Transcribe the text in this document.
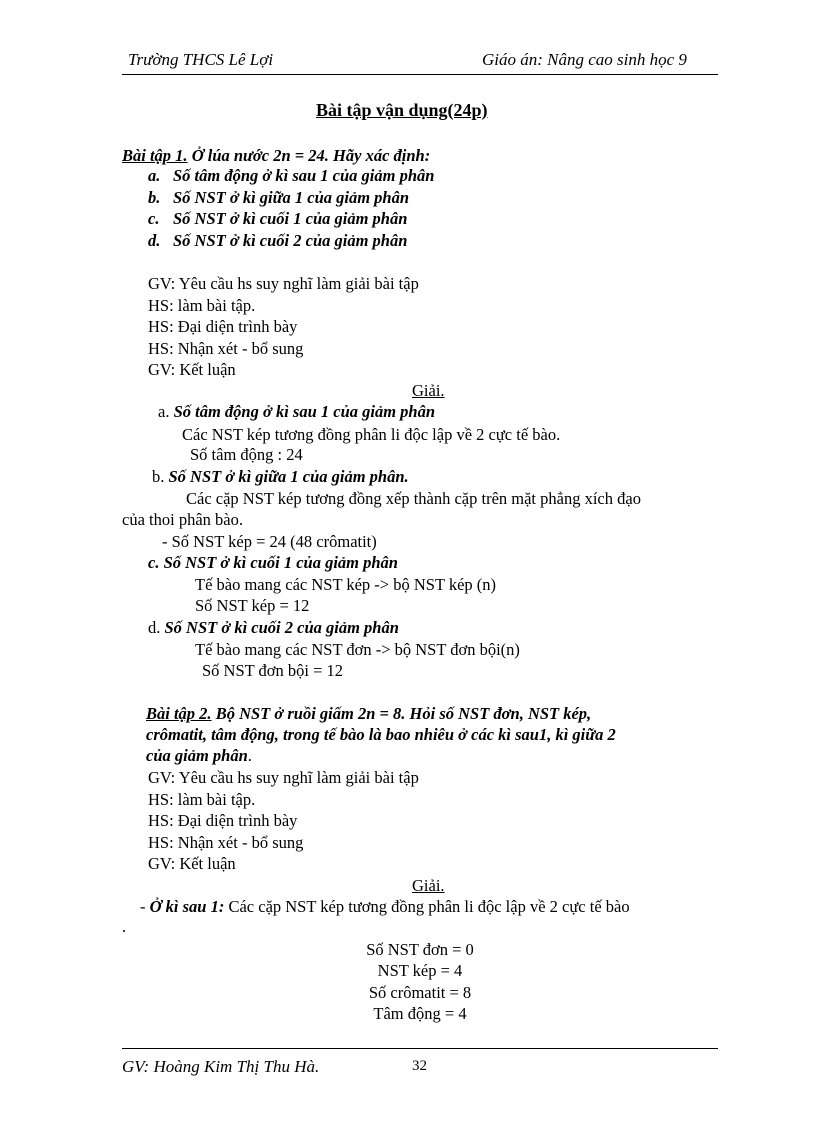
Trường THCS Lê Lợi	Giáo án: Nâng cao sinh học 9
Bài tập vận dụng(24p)
Bài tập 1. Ở lúa nước 2n = 24. Hãy xác định:
a. Số tâm động ở kì sau 1 của giảm phân
b. Số NST ở kì giữa 1 của giảm phân
c. Số NST ở kì cuối 1 của giảm phân
d. Số NST ở kì cuối 2 của giảm phân
GV: Yêu cầu hs suy nghĩ làm giải bài tập
HS: làm bài tập.
HS: Đại diện trình bày
HS: Nhận xét - bổ sung
GV: Kết luận
Giải.
a. Số tâm động ở kì sau 1 của giảm phân
Các NST kép tương đồng phân li độc lập về 2 cực tế bào.
Số tâm động : 24
b. Số NST ở kì giữa 1 của giảm phân.
Các cặp NST kép tương đồng xếp thành cặp trên mặt phẳng xích đạo
của thoi phân bào.
- Số NST kép = 24 (48 crômatit)
c. Số NST ở kì cuối 1 của giảm phân
Tế bào mang các NST kép -> bộ NST kép (n)
Số NST kép = 12
d. Số NST ở kì cuối 2 của giảm phân
Tế bào mang các NST đơn -> bộ NST đơn bội(n)
Số NST đơn bội = 12
Bài tập 2. Bộ NST ở ruồi giấm 2n = 8. Hỏi số NST đơn, NST kép,
crômatit, tâm động, trong tế bào là bao nhiêu ở các kì sau1, kì giữa 2
của giảm phân.
GV: Yêu cầu hs suy nghĩ làm giải bài tập
HS: làm bài tập.
HS: Đại diện trình bày
HS: Nhận xét - bổ sung
GV: Kết luận
Giải.
- Ở kì sau 1: Các cặp NST kép tương đồng phân li độc lập về 2 cực tế bào
.
Số NST đơn = 0
NST kép = 4
Số crômatit = 8
Tâm động = 4
GV: Hoàng Kim Thị Thu Hà.	32
